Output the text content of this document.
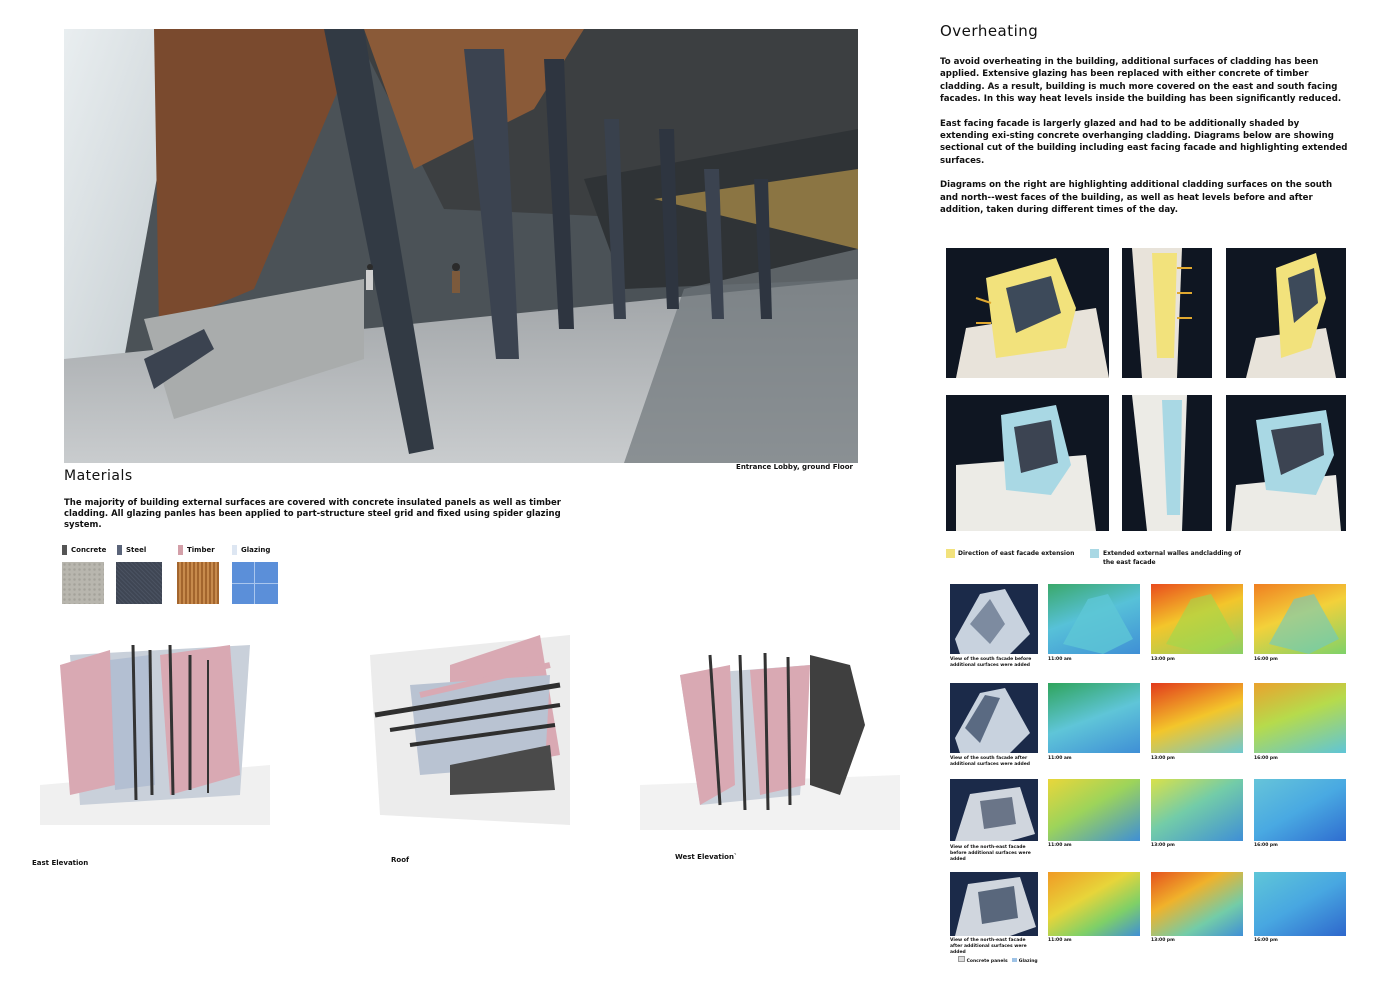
Entrance Lobby, ground Floor
Materials
The majority of building external surfaces are covered with concrete insulated panels as well as timber cladding. All glazing panles has been applied to part-structure steel grid and fixed using spider glazing system.
Concrete	Steel	Timber	Glazing
East Elevation	Roof	West Elevation`
Overheating

To avoid overheating in the building, additional surfaces of cladding has been applied. Extensive glazing has been replaced with either concrete of timber cladding. As a result, building is much more covered on the east and south facing facades. In this way heat levels inside the building has been significantly reduced.

East facing facade is largerly glazed and had to be additionally shaded by extending exi-sting concrete overhanging cladding. Diagrams below are showing sectional cut of the building including east facing facade and highlighting extended surfaces.

Diagrams on the right are highlighting additional cladding surfaces on the south and north--west faces of the building, as well as heat levels before and after addition, taken during different times of the day.

Direction of east facade extension	Extended external walles andcladding of the east facade
View of the south facade before additional surfaces were added
11:00 am	13:00 pm	16:00 pm
View of the south facade after additional surfaces were added
11:00 am	13:00 pm	16:00 pm
View of the north-east facade before additional surfaces were added
11:00 am	13:00 pm	16:00 pm
View of the north-east facade after additional surfaces were added
11:00 am	13:00 pm	16:00 pm
Concrete panels Glazing
